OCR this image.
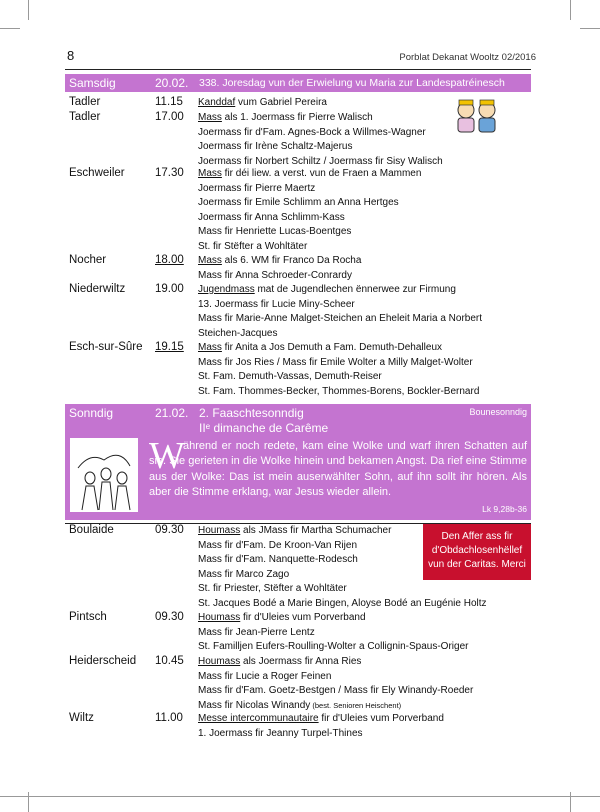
8	Porblat Dekanat Wooltz 02/2016
Samsdig	20.02. 338. Joresdag vun der Erwielung vu Maria zur Landespatréinesch
Tadler	11.15 Kanddaf vum Gabriel Pereira
Tadler	17.00 Mass als 1. Joermass fir Pierre Walisch
Joermass fir d'Fam. Agnes-Bock a Willmes-Wagner
Joermass fir Irène Schaltz-Majerus
Joermass fir Norbert Schiltz / Joermass fir Sisy Walisch
Eschweiler	17.30 Mass fir déi liew. a verst. vun de Fraen a Mammen
Joermass fir Pierre Maertz
Joermass fir Emile Schlimm an Anna Hertges
Joermass fir Anna Schlimm-Kass
Mass fir Henriette Lucas-Boentges
St. fir Stëfter a Wohltäter
Nocher	18.00 Mass als 6. WM fir Franco Da Rocha
Mass fir Anna Schroeder-Conrardy
Niederwiltz	19.00 Jugendmass mat de Jugendlechen ënnerwee zur Firmung
13. Joermass fir Lucie Miny-Scheer
Mass fir Marie-Anne Malget-Steichen an Eheleit Maria a Norbert
Steichen-Jacques
Esch-sur-Sûre 19.15 Mass fir Anita a Jos Demuth a Fam. Demuth-Dehalleux
Mass fir Jos Ries / Mass fir Emile Wolter a Milly Malget-Wolter
St. Fam. Demuth-Vassas, Demuth-Reiser
St. Fam. Thommes-Becker, Thommes-Borens, Bockler-Bernard
Sonndig	21.02. 2. Faaschtesonndig
IIᵉ dimanche de Carême
Bounesonndig
W
ährend er noch redete, kam eine Wolke und warf ihren Schatten auf sie. Sie gerieten in die Wolke hinein und bekamen Angst. Da rief eine Stimme aus der Wolke: Das ist mein auserwählter Sohn, auf ihn sollt ihr hören. Als aber die Stimme erklang, war Jesus wieder allein.
Lk 9,28b-36
Den Affer ass fir
d'Obdachlosenhëllef
vun der Caritas. Merci
Boulaide	09.30 Houmass als JMass fir Martha Schumacher
Mass fir d'Fam. De Kroon-Van Rijen
Mass fir d'Fam. Nanquette-Rodesch
Mass fir Marco Zago
St. fir Priester, Stëfter a Wohltäter
St. Jacques Bodé a Marie Bingen, Aloyse Bodé an Eugénie Holtz
Pintsch	09.30 Houmass fir d'Uleies vum Porverband
Mass fir Jean-Pierre Lentz
St. Familljen Eufers-Roulling-Wolter a Collignin-Spaus-Origer
Heiderscheid 10.45 Houmass als Joermass fir Anna Ries
Mass fir Lucie a Roger Feinen
Mass fir d'Fam. Goetz-Bestgen / Mass fir Ely Winandy-Roeder
Mass fir Nicolas Winandy (best. Senioren Heischent)
Wiltz	11.00 Messe intercommunautaire fir d'Uleies vum Porverband
1. Joermass fir Jeanny Turpel-Thines
